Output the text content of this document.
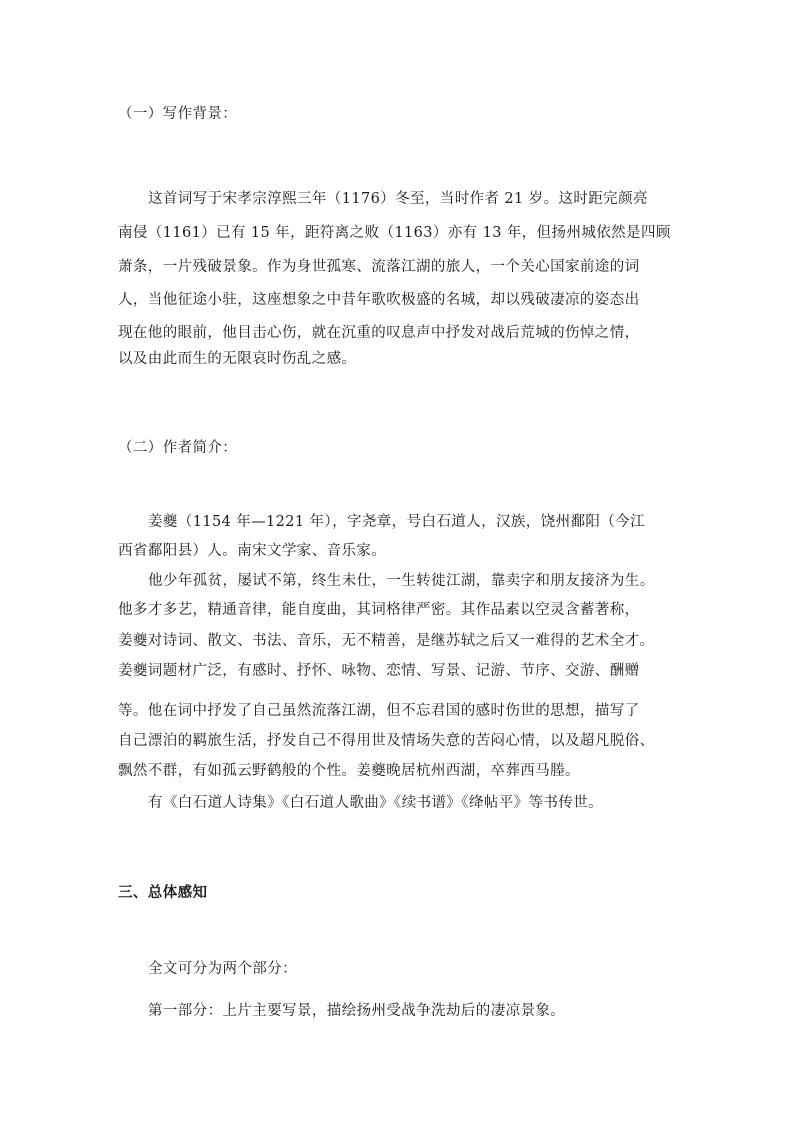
（一）写作背景：
这首词写于宋孝宗淳熙三年（1176）冬至，当时作者 21 岁。这时距完颜亮
南侵（1161）已有 15 年，距符离之败（1163）亦有 13 年，但扬州城依然是四顾
萧条，一片残破景象。作为身世孤寒、流落江湖的旅人，一个关心国家前途的词
人，当他征途小驻，这座想象之中昔年歌吹极盛的名城，却以残破凄凉的姿态出
现在他的眼前，他目击心伤，就在沉重的叹息声中抒发对战后荒城的伤悼之情，
以及由此而生的无限哀时伤乱之感。
（二）作者简介：
姜夔（1154 年—1221 年），字尧章，号白石道人，汉族，饶州鄱阳（今江
西省鄱阳县）人。南宋文学家、音乐家。
他少年孤贫，屡试不第，终生未仕，一生转徙江湖，靠卖字和朋友接济为生。
他多才多艺，精通音律，能自度曲，其词格律严密。其作品素以空灵含蓄著称，
姜夔对诗词、散文、书法、音乐，无不精善，是继苏轼之后又一难得的艺术全才。
姜夔词题材广泛，有感时、抒怀、咏物、恋情、写景、记游、节序、交游、酬赠
等。他在词中抒发了自己虽然流落江湖，但不忘君国的感时伤世的思想，描写了
自己漂泊的羁旅生活，抒发自己不得用世及情场失意的苦闷心情，以及超凡脱俗、
飘然不群，有如孤云野鹤般的个性。姜夔晚居杭州西湖，卒葬西马塍。
有《白石道人诗集》《白石道人歌曲》《续书谱》《绛帖平》等书传世。
三、总体感知
全文可分为两个部分：
第一部分：上片主要写景，描绘扬州受战争洗劫后的凄凉景象。
